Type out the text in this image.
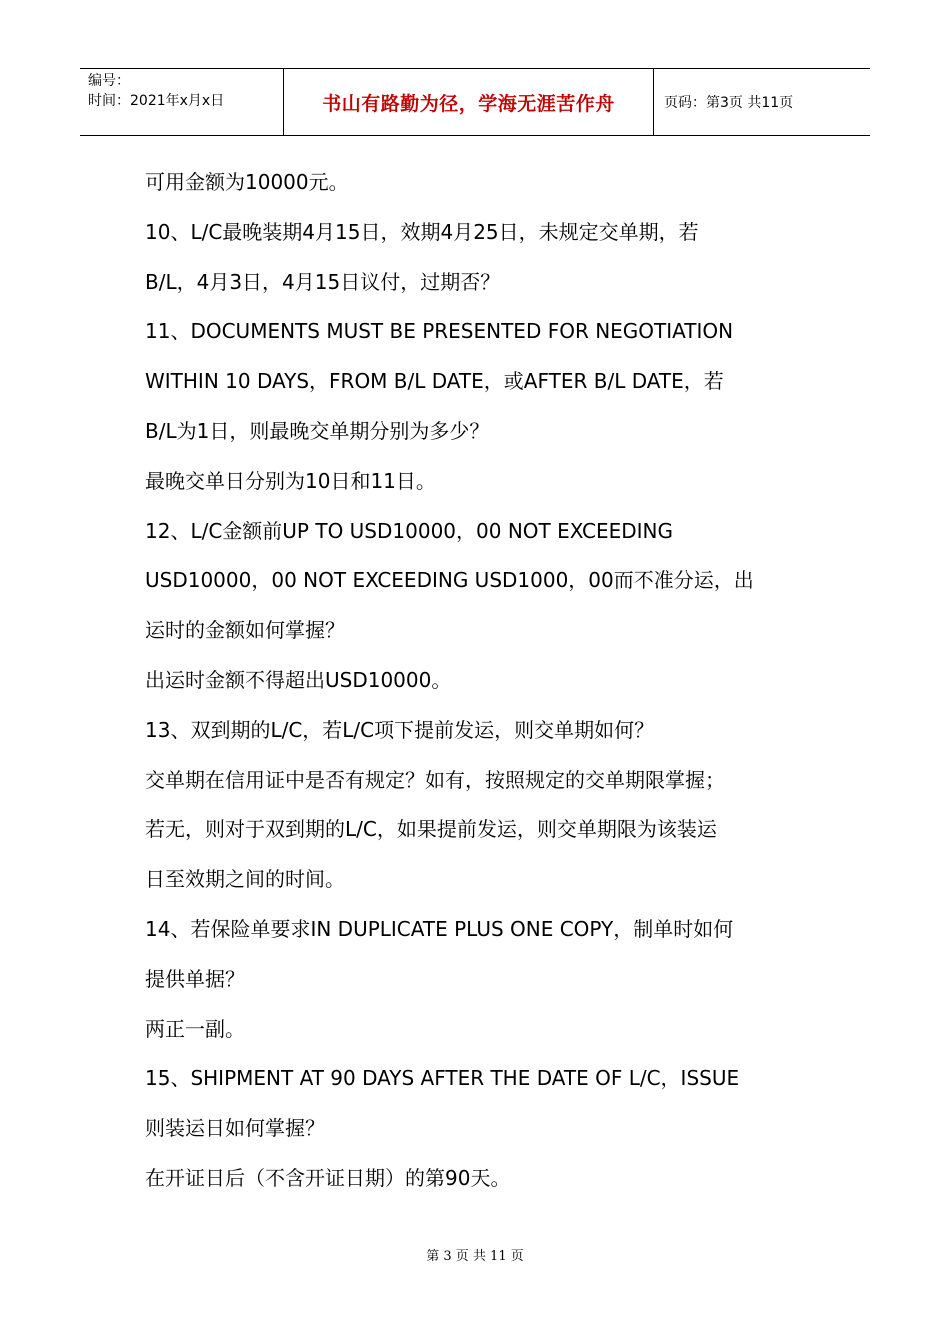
编号：
时间：2021年x月x日	书山有路勤为径，学海无涯苦作舟	页码：第3页 共11页
可用金额为10000元。
10、L/C最晚装期4月15日，效期4月25日，未规定交单期，若
B/L，4月3日，4月15日议付，过期否？
11、DOCUMENTS MUST BE PRESENTED FOR NEGOTIATION
WITHIN 10 DAYS，FROM B/L DATE，或AFTER B/L DATE，若
B/L为1日，则最晚交单期分别为多少？
最晚交单日分别为10日和11日。
12、L/C金额前UP TO USD10000，00 NOT EXCEEDING
USD10000，00 NOT EXCEEDING USD1000，00而不准分运，出
运时的金额如何掌握？
出运时金额不得超出USD10000。
13、双到期的L/C，若L/C项下提前发运，则交单期如何？
交单期在信用证中是否有规定？如有，按照规定的交单期限掌握；
若无，则对于双到期的L/C，如果提前发运，则交单期限为该装运
日至效期之间的时间。
14、若保险单要求IN DUPLICATE PLUS ONE COPY，制单时如何
提供单据？
两正一副。
15、SHIPMENT AT 90 DAYS AFTER THE DATE OF L/C，ISSUE
则装运日如何掌握？
在开证日后（不含开证日期）的第90天。
第 3 页 共 11 页
